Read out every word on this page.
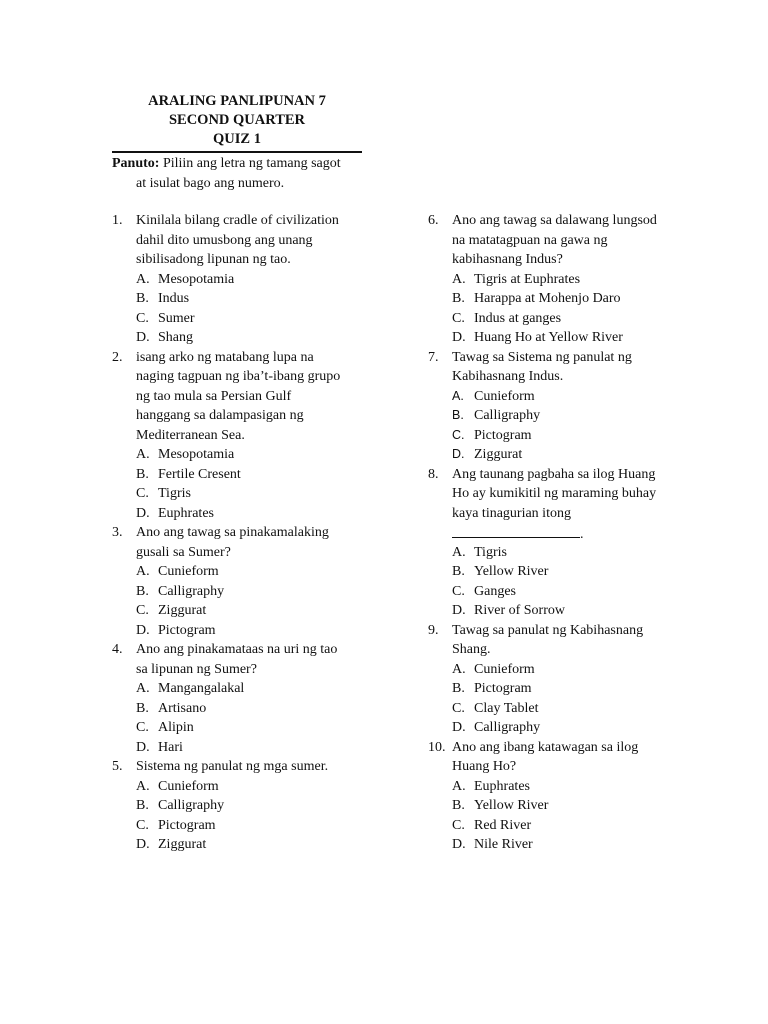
ARALING PANLIPUNAN 7
SECOND QUARTER
QUIZ 1
Panuto: Piliin ang letra ng tamang sagot
at isulat bago ang numero.
1. Kinilala bilang cradle of civilization
dahil dito umusbong ang unang
sibilisadong lipunan ng tao.
A. Mesopotamia
B. Indus
C. Sumer
D. Shang
2. isang arko ng matabang lupa na
naging tagpuan ng iba’t-ibang grupo
ng tao mula sa Persian Gulf
hanggang sa dalampasigan ng
Mediterranean Sea.
A. Mesopotamia
B. Fertile Cresent
C. Tigris
D. Euphrates
3. Ano ang tawag sa pinakamalaking
gusali sa Sumer?
A. Cunieform
B. Calligraphy
C. Ziggurat
D. Pictogram
4. Ano ang pinakamataas na uri ng tao
sa lipunan ng Sumer?
A. Mangangalakal
B. Artisano
C. Alipin
D. Hari
5. Sistema ng panulat ng mga sumer.
A. Cunieform
B. Calligraphy
C. Pictogram
D. Ziggurat
6. Ano ang tawag sa dalawang lungsod
na matatagpuan na gawa ng
kabihasnang Indus?
A. Tigris at Euphrates
B. Harappa at Mohenjo Daro
C. Indus at ganges
D. Huang Ho at Yellow River
7. Tawag sa Sistema ng panulat ng
Kabihasnang Indus.
A. Cunieform
B. Calligraphy
C. Pictogram
D. Ziggurat
8. Ang taunang pagbaha sa ilog Huang
Ho ay kumikitil ng maraming buhay
kaya tinagurian itong
.
A. Tigris
B. Yellow River
C. Ganges
D. River of Sorrow
9. Tawag sa panulat ng Kabihasnang
Shang.
A. Cunieform
B. Pictogram
C. Clay Tablet
D. Calligraphy
10. Ano ang ibang katawagan sa ilog
Huang Ho?
A. Euphrates
B. Yellow River
C. Red River
D. Nile River
